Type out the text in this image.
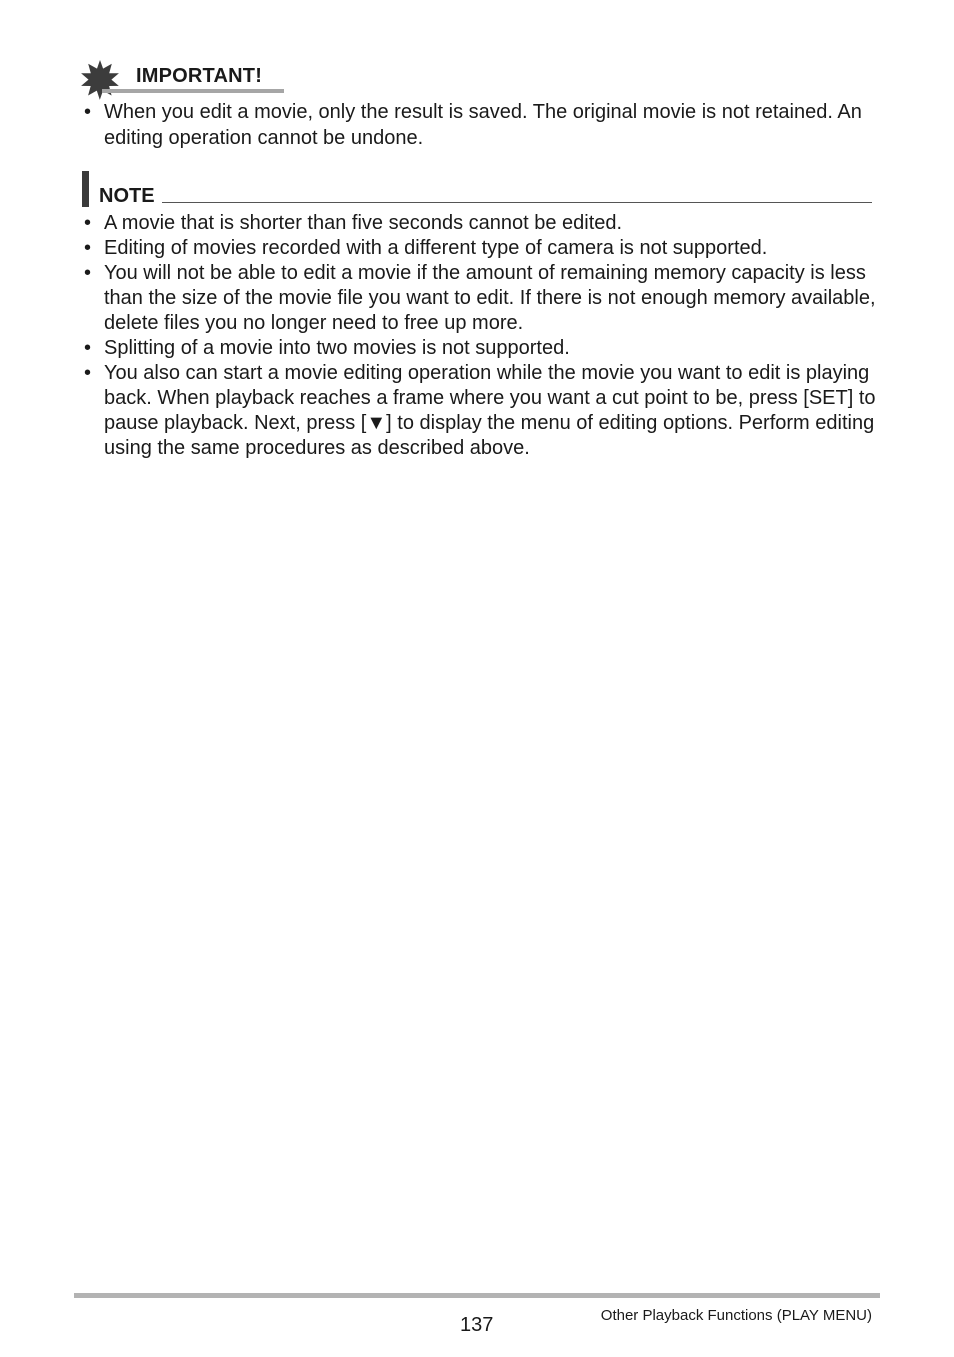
IMPORTANT!
• When you edit a movie, only the result is saved. The original movie is not retained. An editing operation cannot be undone.
NOTE
• A movie that is shorter than five seconds cannot be edited.
• Editing of movies recorded with a different type of camera is not supported.
• You will not be able to edit a movie if the amount of remaining memory capacity is less than the size of the movie file you want to edit. If there is not enough memory available, delete files you no longer need to free up more.
• Splitting of a movie into two movies is not supported.
• You also can start a movie editing operation while the movie you want to edit is playing back. When playback reaches a frame where you want a cut point to be, press [SET] to pause playback. Next, press [▼] to display the menu of editing options. Perform editing using the same procedures as described above.
137	Other Playback Functions (PLAY MENU)
